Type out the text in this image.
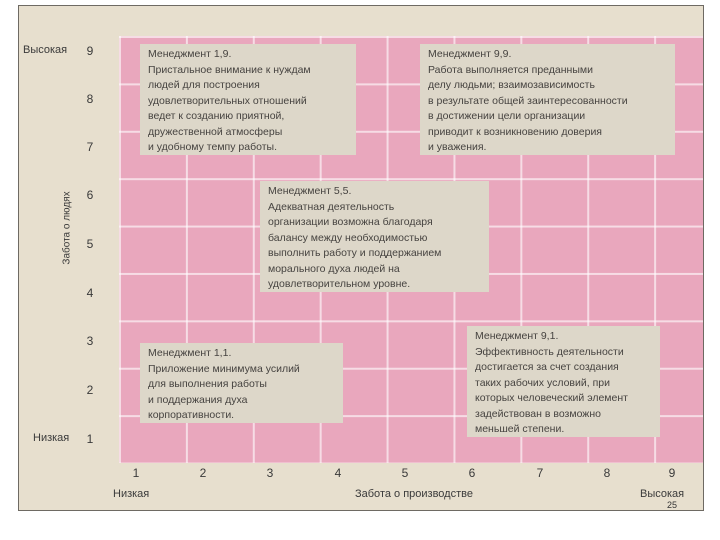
Высокая
Низкая
Забота о людях
9
8
7
6
5
4
3
2
1
1	2	3	4	5	6	7	8	9
Низкая	Забота о производстве	Высокая
Менеджмент 1,9.
Пристальное внимание к нуждам
людей для построения
удовлетворительных отношений
ведет к созданию приятной,
дружественной атмосферы
и удобному темпу работы.
Менеджмент 9,9.
Работа выполняется преданными
делу людьми; взаимозависимость
в результате общей заинтересованности
в достижении цели организации
приводит к возникновению доверия
и уважения.
Менеджмент 5,5.
Адекватная деятельность
организации возможна благодаря
балансу между необходимостью
выполнить работу и поддержанием
морального духа людей на
удовлетворительном уровне.
Менеджмент 1,1.
Приложение минимума усилий
для выполнения работы
и поддержания духа
корпоративности.
Менеджмент 9,1.
Эффективность деятельности
достигается за счет создания
таких рабочих условий, при
которых человеческий элемент
задействован в возможно
меньшей степени.
25
